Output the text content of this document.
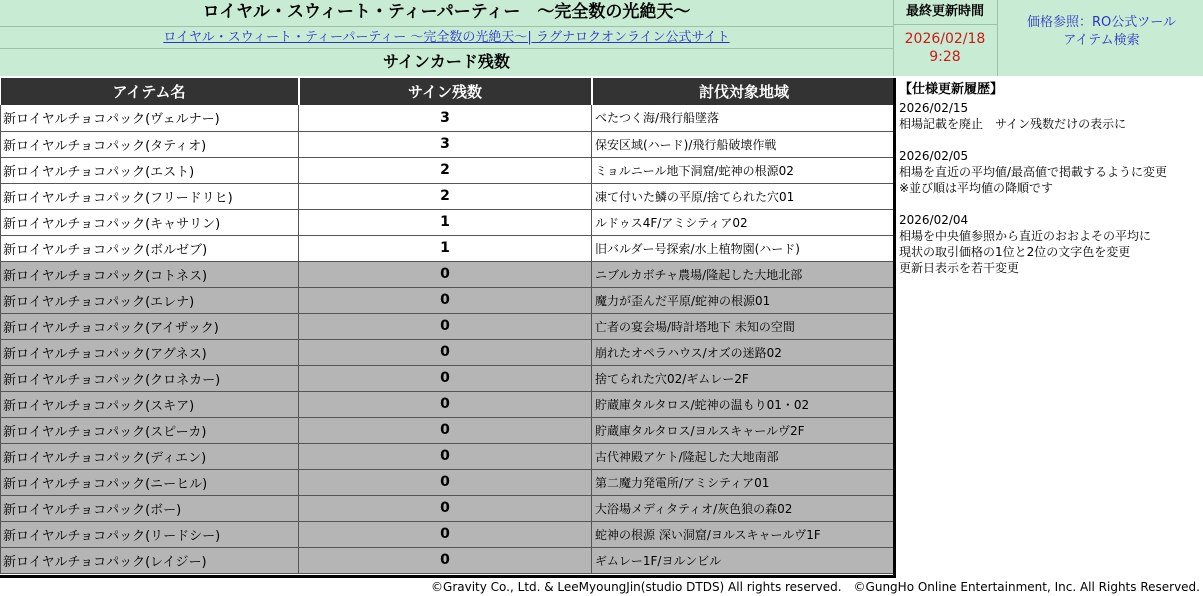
ロイヤル・スウィート・ティーパーティー　～完全数の光絶天～
ロイヤル・スウィート・ティーパーティー ～完全数の光絶天～| ラグナロクオンライン公式サイト
サインカード残数
最終更新時間
2026/02/18
9:28
価格参照：RO公式ツール
アイテム検索
アイテム名	サイン残数	討伐対象地域
新ロイヤルチョコパック(ヴェルナー)	3	べたつく海/飛行船墜落
新ロイヤルチョコパック(タティオ)	3	保安区域(ハード)/飛行船破壊作戦
新ロイヤルチョコパック(エスト)	2	ミョルニール地下洞窟/蛇神の根源02
新ロイヤルチョコパック(フリードリヒ)	2	凍て付いた鱗の平原/捨てられた穴01
新ロイヤルチョコパック(キャサリン)	1	ルドゥス4F/アミシティア02
新ロイヤルチョコパック(ボルゼブ)	1	旧バルダー号探索/水上植物園(ハード)
新ロイヤルチョコパック(コトネス)	0	ニブルカボチャ農場/隆起した大地北部
新ロイヤルチョコパック(エレナ)	0	魔力が歪んだ平原/蛇神の根源01
新ロイヤルチョコパック(アイザック)	0	亡者の宴会場/時計塔地下 未知の空間
新ロイヤルチョコパック(アグネス)	0	崩れたオペラハウス/オズの迷路02
新ロイヤルチョコパック(クロネカー)	0	捨てられた穴02/ギムレー2F
新ロイヤルチョコパック(スキア)	0	貯蔵庫タルタロス/蛇神の温もり01・02
新ロイヤルチョコパック(スピーカ)	0	貯蔵庫タルタロス/ヨルスキャールヴ2F
新ロイヤルチョコパック(ディエン)	0	古代神殿アケト/隆起した大地南部
新ロイヤルチョコパック(ニーヒル)	0	第二魔力発電所/アミシティア01
新ロイヤルチョコパック(ボー)	0	大浴場メディタティオ/灰色狼の森02
新ロイヤルチョコパック(リードシー)	0	蛇神の根源 深い洞窟/ヨルスキャールヴ1F
新ロイヤルチョコパック(レイジー)	0	ギムレー1F/ヨルンビル
【仕様更新履歴】
2026/02/15
相場記載を廃止　サイン残数だけの表示に
2026/02/05
相場を直近の平均値/最高値で掲載するように変更
※並び順は平均値の降順です
2026/02/04
相場を中央値参照から直近のおおよその平均に
現状の取引価格の1位と2位の文字色を変更
更新日表示を若干変更
©Gravity Co., Ltd. & LeeMyoungJin(studio DTDS) All rights reserved.　©GungHo Online Entertainment, Inc. All Rights Reserved.
